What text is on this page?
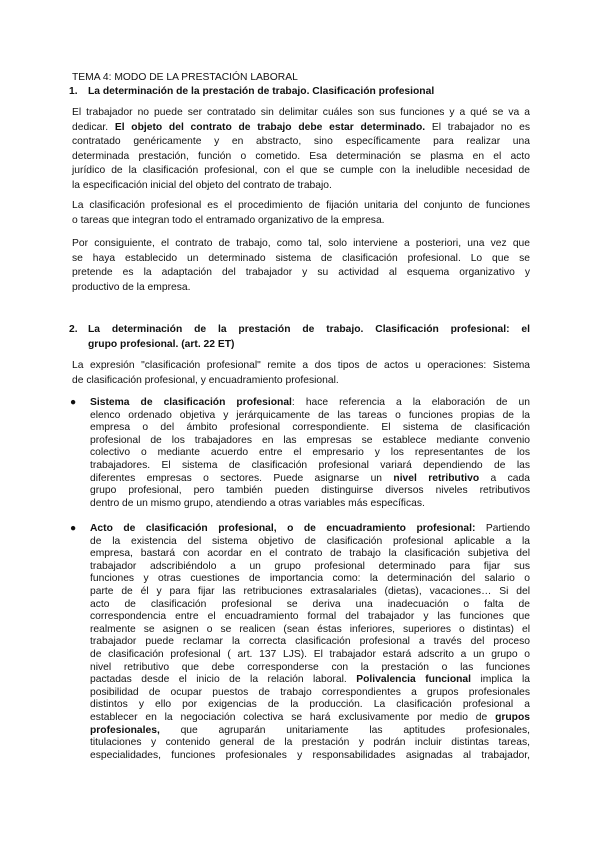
TEMA 4: MODO DE LA PRESTACIÓN LABORAL
1. La determinación de la prestación de trabajo. Clasificación profesional
El trabajador no puede ser contratado sin delimitar cuáles son sus funciones y a qué se va a
dedicar. El objeto del contrato de trabajo debe estar determinado. El trabajador no es
contratado genéricamente y en abstracto, sino específicamente para realizar una
determinada prestación, función o cometido. Esa determinación se plasma en el acto
jurídico de la clasificación profesional, con el que se cumple con la ineludible necesidad de
la especificación inicial del objeto del contrato de trabajo.
La clasificación profesional es el procedimiento de fijación unitaria del conjunto de funciones
o tareas que integran todo el entramado organizativo de la empresa.
Por consiguiente, el contrato de trabajo, como tal, solo interviene a posteriori, una vez que
se haya establecido un determinado sistema de clasificación profesional. Lo que se
pretende es la adaptación del trabajador y su actividad al esquema organizativo y
productivo de la empresa.
2. La determinación de la prestación de trabajo. Clasificación profesional: el
grupo profesional. (art. 22 ET)
La expresión "clasificación profesional" remite a dos tipos de actos u operaciones: Sistema
de clasificación profesional, y encuadramiento profesional.
● Sistema de clasificación profesional: hace referencia a la elaboración de un
elenco ordenado objetiva y jerárquicamente de las tareas o funciones propias de la
empresa o del ámbito profesional correspondiente. El sistema de clasificación
profesional de los trabajadores en las empresas se establece mediante convenio
colectivo o mediante acuerdo entre el empresario y los representantes de los
trabajadores. El sistema de clasificación profesional variará dependiendo de las
diferentes empresas o sectores. Puede asignarse un nivel retributivo a cada
grupo profesional, pero también pueden distinguirse diversos niveles retributivos
dentro de un mismo grupo, atendiendo a otras variables más específicas.
● Acto de clasificación profesional, o de encuadramiento profesional: Partiendo
de la existencia del sistema objetivo de clasificación profesional aplicable a la
empresa, bastará con acordar en el contrato de trabajo la clasificación subjetiva del
trabajador adscribiéndolo a un grupo profesional determinado para fijar sus
funciones y otras cuestiones de importancia como: la determinación del salario o
parte de él y para fijar las retribuciones extrasalariales (dietas), vacaciones… Si del
acto de clasificación profesional se deriva una inadecuación o falta de
correspondencia entre el encuadramiento formal del trabajador y las funciones que
realmente se asignen o se realicen (sean éstas inferiores, superiores o distintas) el
trabajador puede reclamar la correcta clasificación profesional a través del proceso
de clasificación profesional ( art. 137 LJS). El trabajador estará adscrito a un grupo o
nivel retributivo que debe corresponderse con la prestación o las funciones
pactadas desde el inicio de la relación laboral. Polivalencia funcional implica la
posibilidad de ocupar puestos de trabajo correspondientes a grupos profesionales
distintos y ello por exigencias de la producción. La clasificación profesional a
establecer en la negociación colectiva se hará exclusivamente por medio de grupos
profesionales, que agruparán unitariamente las aptitudes profesionales,
titulaciones y contenido general de la prestación y podrán incluir distintas tareas,
especialidades, funciones profesionales y responsabilidades asignadas al trabajador,
